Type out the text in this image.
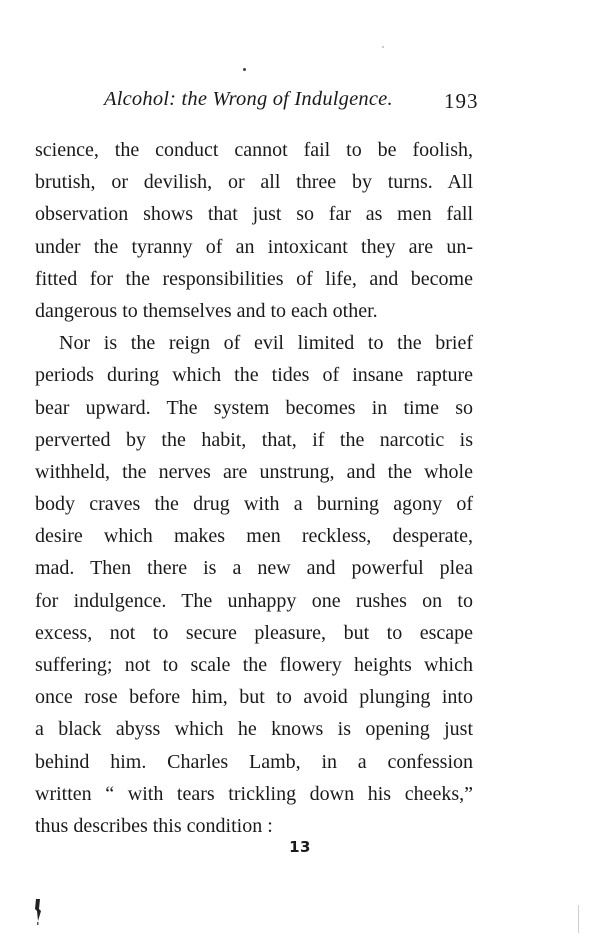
Alcohol: the Wrong of Indulgence. 193
science, the conduct cannot fail to be foolish,
brutish, or devilish, or all three by turns. All
observation shows that just so far as men fall
under the tyranny of an intoxicant they are un-
fitted for the responsibilities of life, and become
dangerous to themselves and to each other.
Nor is the reign of evil limited to the brief
periods during which the tides of insane rapture
bear upward. The system becomes in time so
perverted by the habit, that, if the narcotic is
withheld, the nerves are unstrung, and the whole
body craves the drug with a burning agony of
desire which makes men reckless, desperate,
mad. Then there is a new and powerful plea
for indulgence. The unhappy one rushes on to
excess, not to secure pleasure, but to escape
suffering; not to scale the flowery heights which
once rose before him, but to avoid plunging into
a black abyss which he knows is opening just
behind him. Charles Lamb, in a confession
written “ with tears trickling down his cheeks,”
thus describes this condition :
13
